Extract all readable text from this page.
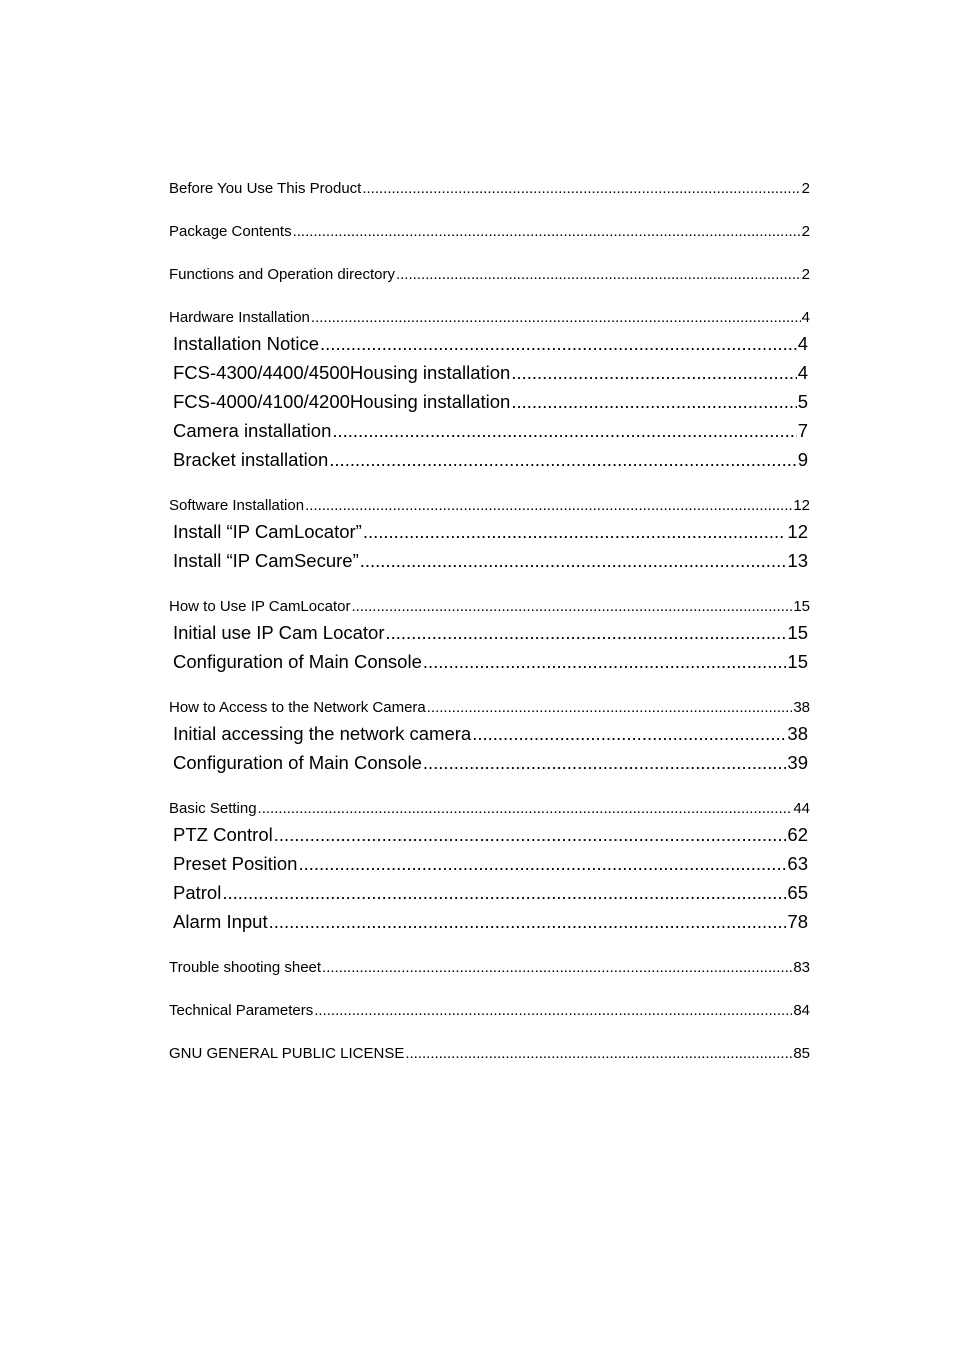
Before You Use This Product .....	2
Package Contents .....	2
Functions and Operation directory .....	2
Hardware Installation .....	4
Installation Notice .....	4
FCS-4300/4400/4500Housing installation .....	4
FCS-4000/4100/4200Housing installation .....	5
Camera installation .....	7
Bracket installation .....	9
Software Installation .....	12
Install “IP CamLocator” .....	12
Install “IP CamSecure” .....	13
How to Use IP CamLocator .....	15
Initial use IP Cam Locator .....	15
Configuration of Main Console .....	15
How to Access to the Network Camera .....	38
Initial accessing the network camera .....	38
Configuration of Main Console .....	39
Basic Setting .....	44
PTZ Control .....	62
Preset Position .....	63
Patrol .....	65
Alarm Input .....	78
Trouble shooting sheet .....	83
Technical Parameters .....	84
GNU GENERAL PUBLIC LICENSE .....	85
